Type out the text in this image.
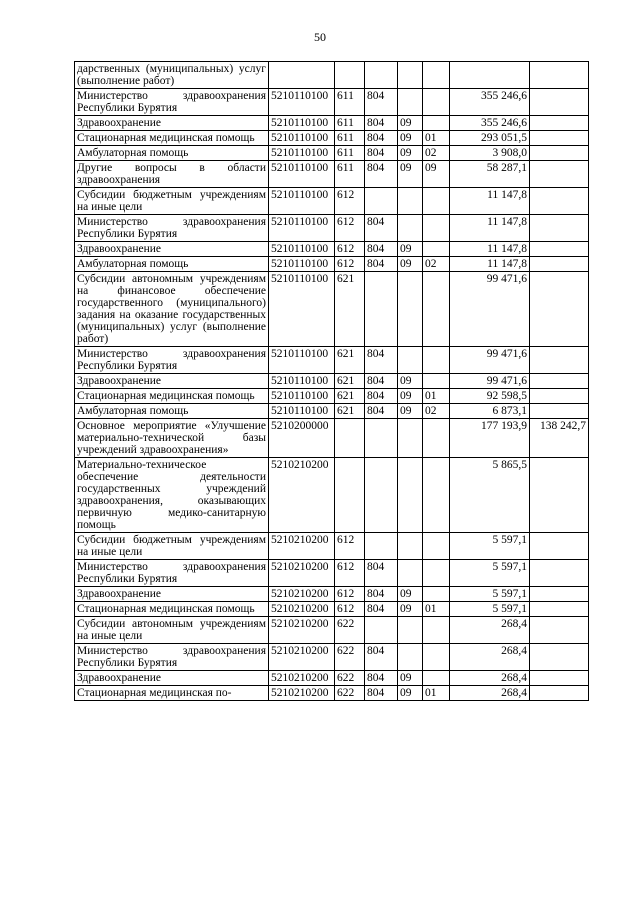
50
дарственных (муниципальных) услуг (выполнение работ)							
Министерство здравоохранения Республики Бурятия	5210110100	611	804			355 246,6	
Здравоохранение	5210110100	611	804	09		355 246,6	
Стационарная медицинская помощь	5210110100	611	804	09	01	293 051,5	
Амбулаторная помощь	5210110100	611	804	09	02	3 908,0	
Другие вопросы в области здравоохранения	5210110100	611	804	09	09	58 287,1	
Субсидии бюджетным учреждениям на иные цели	5210110100	612				11 147,8	
Министерство здравоохранения Республики Бурятия	5210110100	612	804			11 147,8	
Здравоохранение	5210110100	612	804	09		11 147,8	
Амбулаторная помощь	5210110100	612	804	09	02	11 147,8	
Субсидии автономным учреждениям на финансовое обеспечение государственного (муниципального) задания на оказание государственных (муниципальных) услуг (выполнение работ)	5210110100	621				99 471,6	
Министерство здравоохранения Республики Бурятия	5210110100	621	804			99 471,6	
Здравоохранение	5210110100	621	804	09		99 471,6	
Стационарная медицинская помощь	5210110100	621	804	09	01	92 598,5	
Амбулаторная помощь	5210110100	621	804	09	02	6 873,1	
Основное мероприятие «Улучшение материально-технической базы учреждений здравоохранения»	5210200000					177 193,9	138 242,7
Материально-техническое обеспечение деятельности государственных учреждений здравоохранения, оказывающих первичную медико-санитарную помощь	5210210200					5 865,5	
Субсидии бюджетным учреждениям на иные цели	5210210200	612				5 597,1	
Министерство здравоохранения Республики Бурятия	5210210200	612	804			5 597,1	
Здравоохранение	5210210200	612	804	09		5 597,1	
Стационарная медицинская помощь	5210210200	612	804	09	01	5 597,1	
Субсидии автономным учреждениям на иные цели	5210210200	622				268,4	
Министерство здравоохранения Республики Бурятия	5210210200	622	804			268,4	
Здравоохранение	5210210200	622	804	09		268,4	
Стационарная медицинская по-	5210210200	622	804	09	01	268,4	
